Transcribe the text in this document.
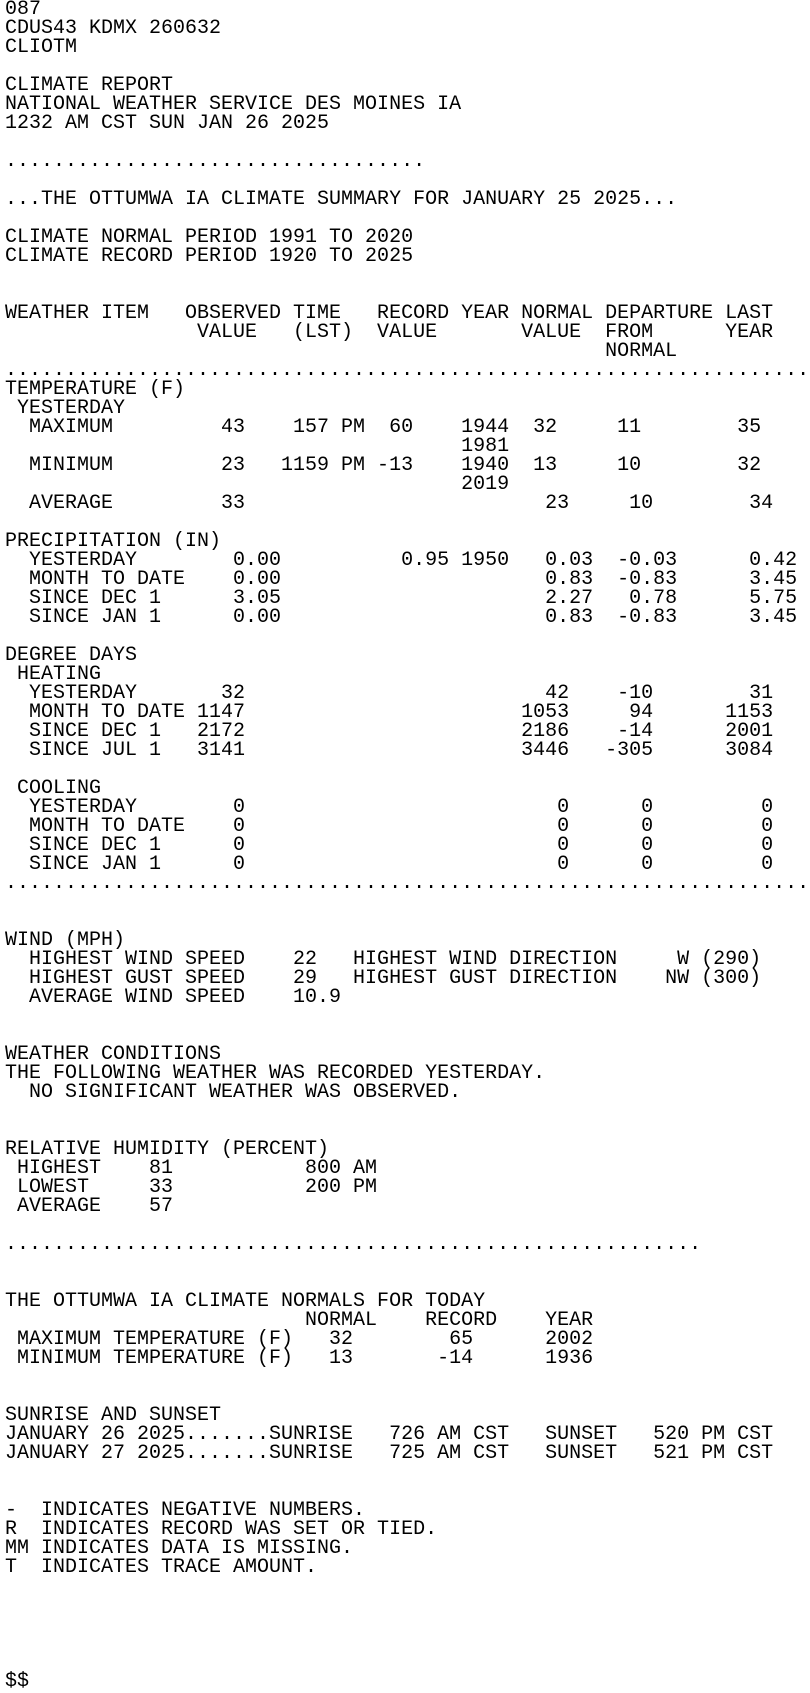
087
CDUS43 KDMX 260632
CLIOTM
CLIMATE REPORT
NATIONAL WEATHER SERVICE DES MOINES IA
1232 AM CST SUN JAN 26 2025
...................................
...THE OTTUMWA IA CLIMATE SUMMARY FOR JANUARY 25 2025...
CLIMATE NORMAL PERIOD 1991 TO 2020
CLIMATE RECORD PERIOD 1920 TO 2025
WEATHER ITEM   OBSERVED TIME   RECORD YEAR NORMAL DEPARTURE LAST
VALUE   (LST)  VALUE       VALUE  FROM      YEAR
NORMAL
...................................................................
TEMPERATURE (F)
YESTERDAY
MAXIMUM         43    157 PM  60    1944  32     11        35
1981
MINIMUM         23   1159 PM -13    1940  13     10        32
2019
AVERAGE         33                         23     10        34
PRECIPITATION (IN)
YESTERDAY        0.00          0.95 1950   0.03  -0.03      0.42
MONTH TO DATE    0.00                      0.83  -0.83      3.45
SINCE DEC 1      3.05                      2.27   0.78      5.75
SINCE JAN 1      0.00                      0.83  -0.83      3.45
DEGREE DAYS
HEATING
YESTERDAY       32                         42    -10        31
MONTH TO DATE 1147                       1053     94      1153
SINCE DEC 1   2172                       2186    -14      2001
SINCE JUL 1   3141                       3446   -305      3084
COOLING
YESTERDAY        0                          0      0         0
MONTH TO DATE    0                          0      0         0
SINCE DEC 1      0                          0      0         0
SINCE JAN 1      0                          0      0         0
...................................................................
WIND (MPH)
HIGHEST WIND SPEED    22   HIGHEST WIND DIRECTION     W (290)
HIGHEST GUST SPEED    29   HIGHEST GUST DIRECTION    NW (300)
AVERAGE WIND SPEED    10.9
WEATHER CONDITIONS
THE FOLLOWING WEATHER WAS RECORDED YESTERDAY.
NO SIGNIFICANT WEATHER WAS OBSERVED.
RELATIVE HUMIDITY (PERCENT)
HIGHEST    81           800 AM
LOWEST     33           200 PM
AVERAGE    57
..........................................................
THE OTTUMWA IA CLIMATE NORMALS FOR TODAY
NORMAL    RECORD    YEAR
MAXIMUM TEMPERATURE (F)   32        65      2002
MINIMUM TEMPERATURE (F)   13       -14      1936
SUNRISE AND SUNSET
JANUARY 26 2025.......SUNRISE   726 AM CST   SUNSET   520 PM CST
JANUARY 27 2025.......SUNRISE   725 AM CST   SUNSET   521 PM CST
-  INDICATES NEGATIVE NUMBERS.
R  INDICATES RECORD WAS SET OR TIED.
MM INDICATES DATA IS MISSING.
T  INDICATES TRACE AMOUNT.
$$
